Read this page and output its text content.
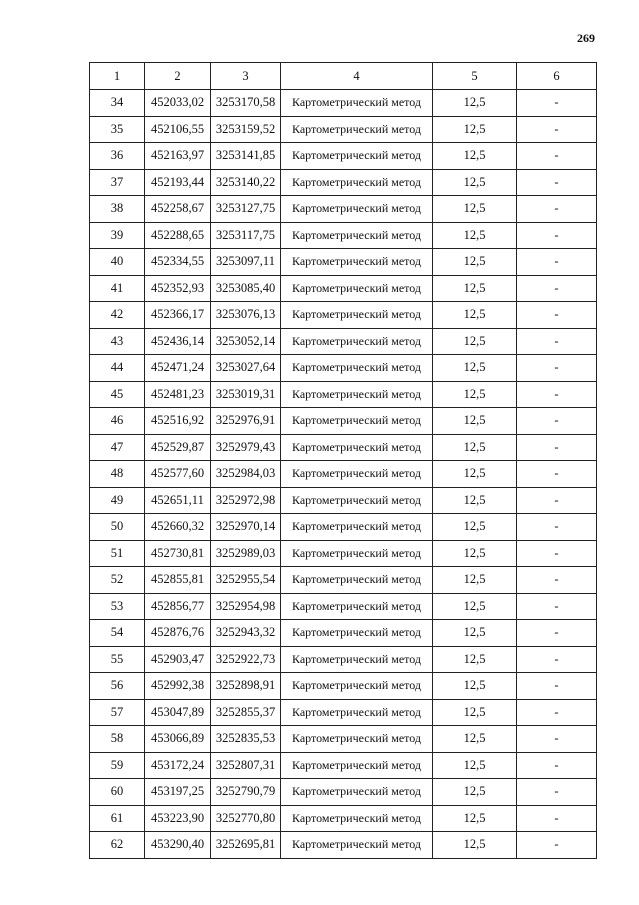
269
1	2	3	4	5	6
34	452033,02	3253170,58	Картометрический метод	12,5	-
35	452106,55	3253159,52	Картометрический метод	12,5	-
36	452163,97	3253141,85	Картометрический метод	12,5	-
37	452193,44	3253140,22	Картометрический метод	12,5	-
38	452258,67	3253127,75	Картометрический метод	12,5	-
39	452288,65	3253117,75	Картометрический метод	12,5	-
40	452334,55	3253097,11	Картометрический метод	12,5	-
41	452352,93	3253085,40	Картометрический метод	12,5	-
42	452366,17	3253076,13	Картометрический метод	12,5	-
43	452436,14	3253052,14	Картометрический метод	12,5	-
44	452471,24	3253027,64	Картометрический метод	12,5	-
45	452481,23	3253019,31	Картометрический метод	12,5	-
46	452516,92	3252976,91	Картометрический метод	12,5	-
47	452529,87	3252979,43	Картометрический метод	12,5	-
48	452577,60	3252984,03	Картометрический метод	12,5	-
49	452651,11	3252972,98	Картометрический метод	12,5	-
50	452660,32	3252970,14	Картометрический метод	12,5	-
51	452730,81	3252989,03	Картометрический метод	12,5	-
52	452855,81	3252955,54	Картометрический метод	12,5	-
53	452856,77	3252954,98	Картометрический метод	12,5	-
54	452876,76	3252943,32	Картометрический метод	12,5	-
55	452903,47	3252922,73	Картометрический метод	12,5	-
56	452992,38	3252898,91	Картометрический метод	12,5	-
57	453047,89	3252855,37	Картометрический метод	12,5	-
58	453066,89	3252835,53	Картометрический метод	12,5	-
59	453172,24	3252807,31	Картометрический метод	12,5	-
60	453197,25	3252790,79	Картометрический метод	12,5	-
61	453223,90	3252770,80	Картометрический метод	12,5	-
62	453290,40	3252695,81	Картометрический метод	12,5	-
